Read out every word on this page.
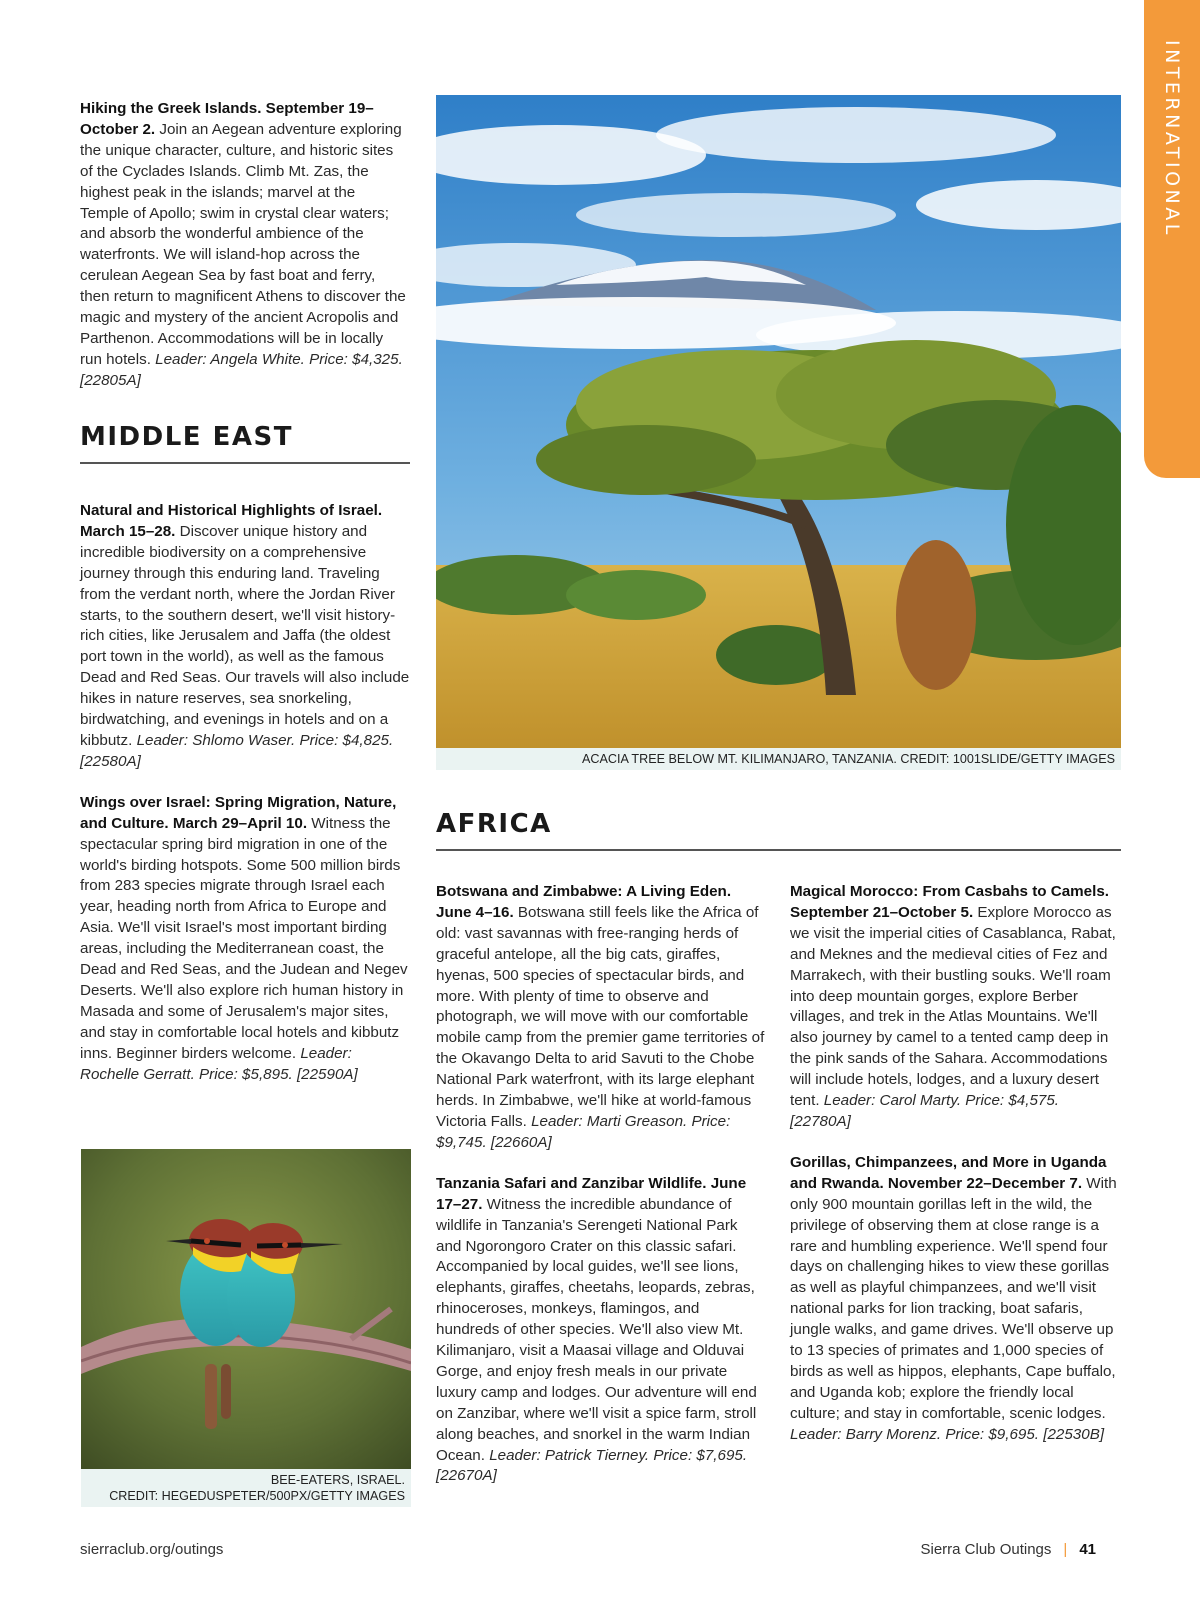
INTERNATIONAL

Hiking the Greek Islands. September 19–October 2. Join an Aegean adventure exploring the unique character, culture, and historic sites of the Cyclades Islands. Climb Mt. Zas, the highest peak in the islands; marvel at the Temple of Apollo; swim in crystal clear waters; and absorb the wonderful ambience of the waterfronts. We will island-hop across the cerulean Aegean Sea by fast boat and ferry, then return to magnificent Athens to discover the magic and mystery of the ancient Acropolis and Parthenon. Accommodations will be in locally run hotels. Leader: Angela White. Price: $4,325. [22805A]

MIDDLE EAST

Natural and Historical Highlights of Israel. March 15–28. Discover unique history and incredible biodiversity on a comprehensive journey through this enduring land. Traveling from the verdant north, where the Jordan River starts, to the southern desert, we'll visit history-rich cities, like Jerusalem and Jaffa (the oldest port town in the world), as well as the famous Dead and Red Seas. Our travels will also include hikes in nature reserves, sea snorkeling, birdwatching, and evenings in hotels and on a kibbutz. Leader: Shlomo Waser. Price: $4,825. [22580A]

Wings over Israel: Spring Migration, Nature, and Culture. March 29–April 10. Witness the spectacular spring bird migration in one of the world's birding hotspots. Some 500 million birds from 283 species migrate through Israel each year, heading north from Africa to Europe and Asia. We'll visit Israel's most important birding areas, including the Mediterranean coast, the Dead and Red Seas, and the Judean and Negev Deserts. We'll also explore rich human history in Masada and some of Jerusalem's major sites, and stay in comfortable local hotels and kibbutz inns. Beginner birders welcome. Leader: Rochelle Gerratt. Price: $5,895. [22590A]

BEE-EATERS, ISRAEL.
CREDIT: HEGEDUSPETER/500PX/GETTY IMAGES
ACACIA TREE BELOW MT. KILIMANJARO, TANZANIA. CREDIT: 1001SLIDE/GETTY IMAGES
AFRICA

Botswana and Zimbabwe: A Living Eden. June 4–16. Botswana still feels like the Africa of old: vast savannas with free-ranging herds of graceful antelope, all the big cats, giraffes, hyenas, 500 species of spectacular birds, and more. With plenty of time to observe and photograph, we will move with our comfortable mobile camp from the premier game territories of the Okavango Delta to arid Savuti to the Chobe National Park waterfront, with its large elephant herds. In Zimbabwe, we'll hike at world-famous Victoria Falls. Leader: Marti Greason. Price: $9,745. [22660A]

Tanzania Safari and Zanzibar Wildlife. June 17–27. Witness the incredible abundance of wildlife in Tanzania's Serengeti National Park and Ngorongoro Crater on this classic safari. Accompanied by local guides, we'll see lions, elephants, giraffes, cheetahs, leopards, zebras, rhinoceroses, monkeys, flamingos, and hundreds of other species. We'll also view Mt. Kilimanjaro, visit a Maasai village and Olduvai Gorge, and enjoy fresh meals in our private luxury camp and lodges. Our adventure will end on Zanzibar, where we'll visit a spice farm, stroll along beaches, and snorkel in the warm Indian Ocean. Leader: Patrick Tierney. Price: $7,695. [22670A]

Magical Morocco: From Casbahs to Camels. September 21–October 5. Explore Morocco as we visit the imperial cities of Casablanca, Rabat, and Meknes and the medieval cities of Fez and Marrakech, with their bustling souks. We'll roam into deep mountain gorges, explore Berber villages, and trek in the Atlas Mountains. We'll also journey by camel to a tented camp deep in the pink sands of the Sahara. Accommodations will include hotels, lodges, and a luxury desert tent. Leader: Carol Marty. Price: $4,575. [22780A]

Gorillas, Chimpanzees, and More in Uganda and Rwanda. November 22–December 7. With only 900 mountain gorillas left in the wild, the privilege of observing them at close range is a rare and humbling experience. We'll spend four days on challenging hikes to view these gorillas as well as playful chimpanzees, and we'll visit national parks for lion tracking, boat safaris, jungle walks, and game drives. We'll observe up to 13 species of primates and 1,000 species of birds as well as hippos, elephants, Cape buffalo, and Uganda kob; explore the friendly local culture; and stay in comfortable, scenic lodges. Leader: Barry Morenz. Price: $9,695. [22530B]

sierraclub.org/outings	Sierra Club Outings | 41
